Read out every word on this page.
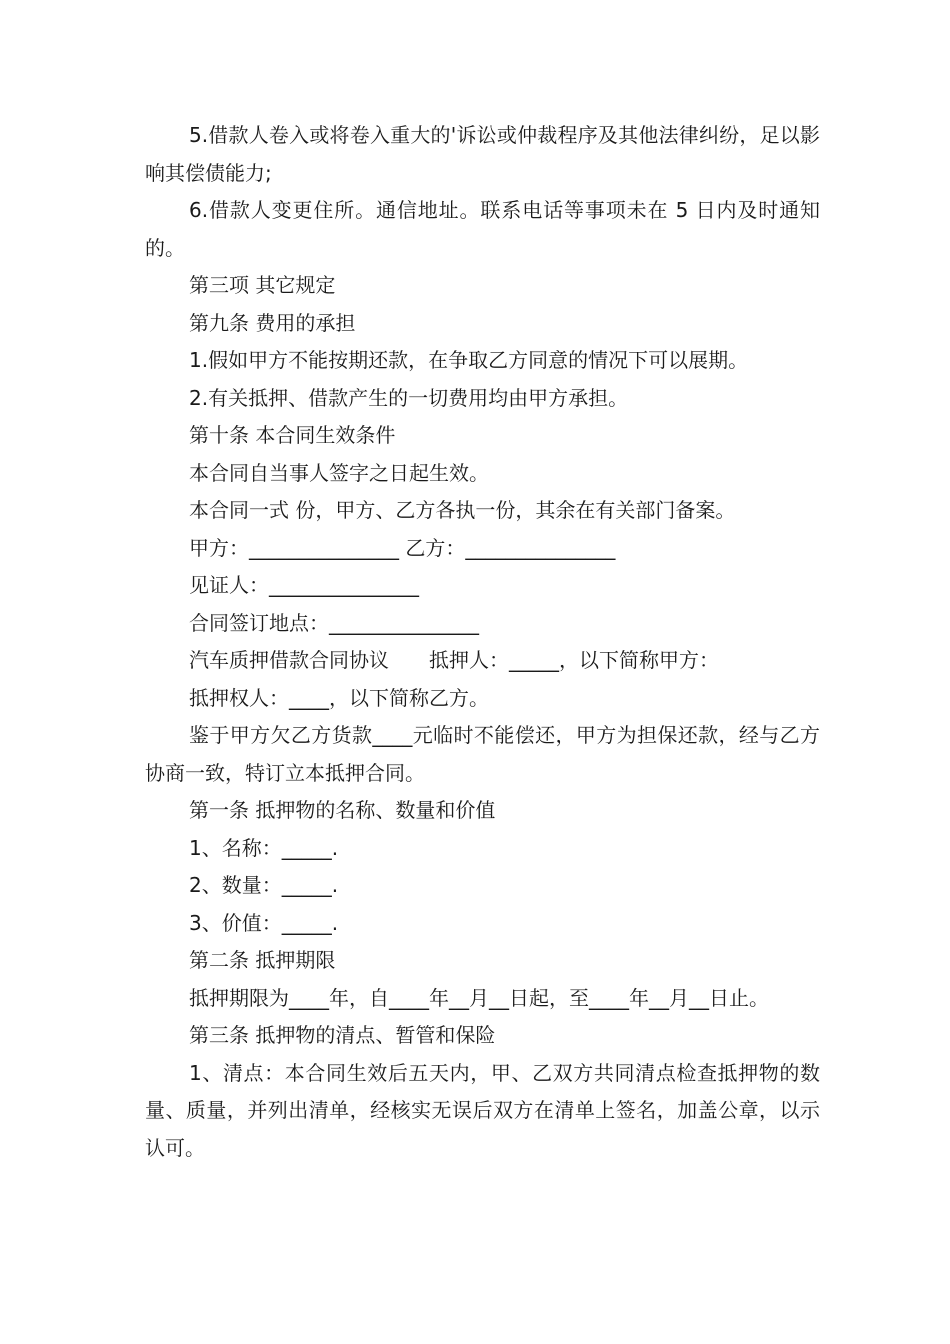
5.借款人卷入或将卷入重大的'诉讼或仲裁程序及其他法律纠纷，足以影响其偿债能力;

6.借款人变更住所。通信地址。联系电话等事项未在 5 日内及时通知的。

第三项 其它规定

第九条 费用的承担

1.假如甲方不能按期还款，在争取乙方同意的情况下可以展期。

2.有关抵押、借款产生的一切费用均由甲方承担。

第十条 本合同生效条件

本合同自当事人签字之日起生效。

本合同一式 份，甲方、乙方各执一份，其余在有关部门备案。

甲方：_______________ 乙方：_______________

见证人：_______________

合同签订地点：_______________

汽车质押借款合同协议　　抵押人：_____，以下简称甲方：

抵押权人：____，以下简称乙方。

鉴于甲方欠乙方货款____元临时不能偿还，甲方为担保还款，经与乙方协商一致，特订立本抵押合同。

第一条 抵押物的名称、数量和价值

1、名称：_____.

2、数量：_____.

3、价值：_____.

第二条 抵押期限

抵押期限为____年，自____年__月__日起，至____年__月__日止。

第三条 抵押物的清点、暂管和保险

1、清点：本合同生效后五天内，甲、乙双方共同清点检查抵押物的数量、质量，并列出清单，经核实无误后双方在清单上签名，加盖公章，以示认可。
